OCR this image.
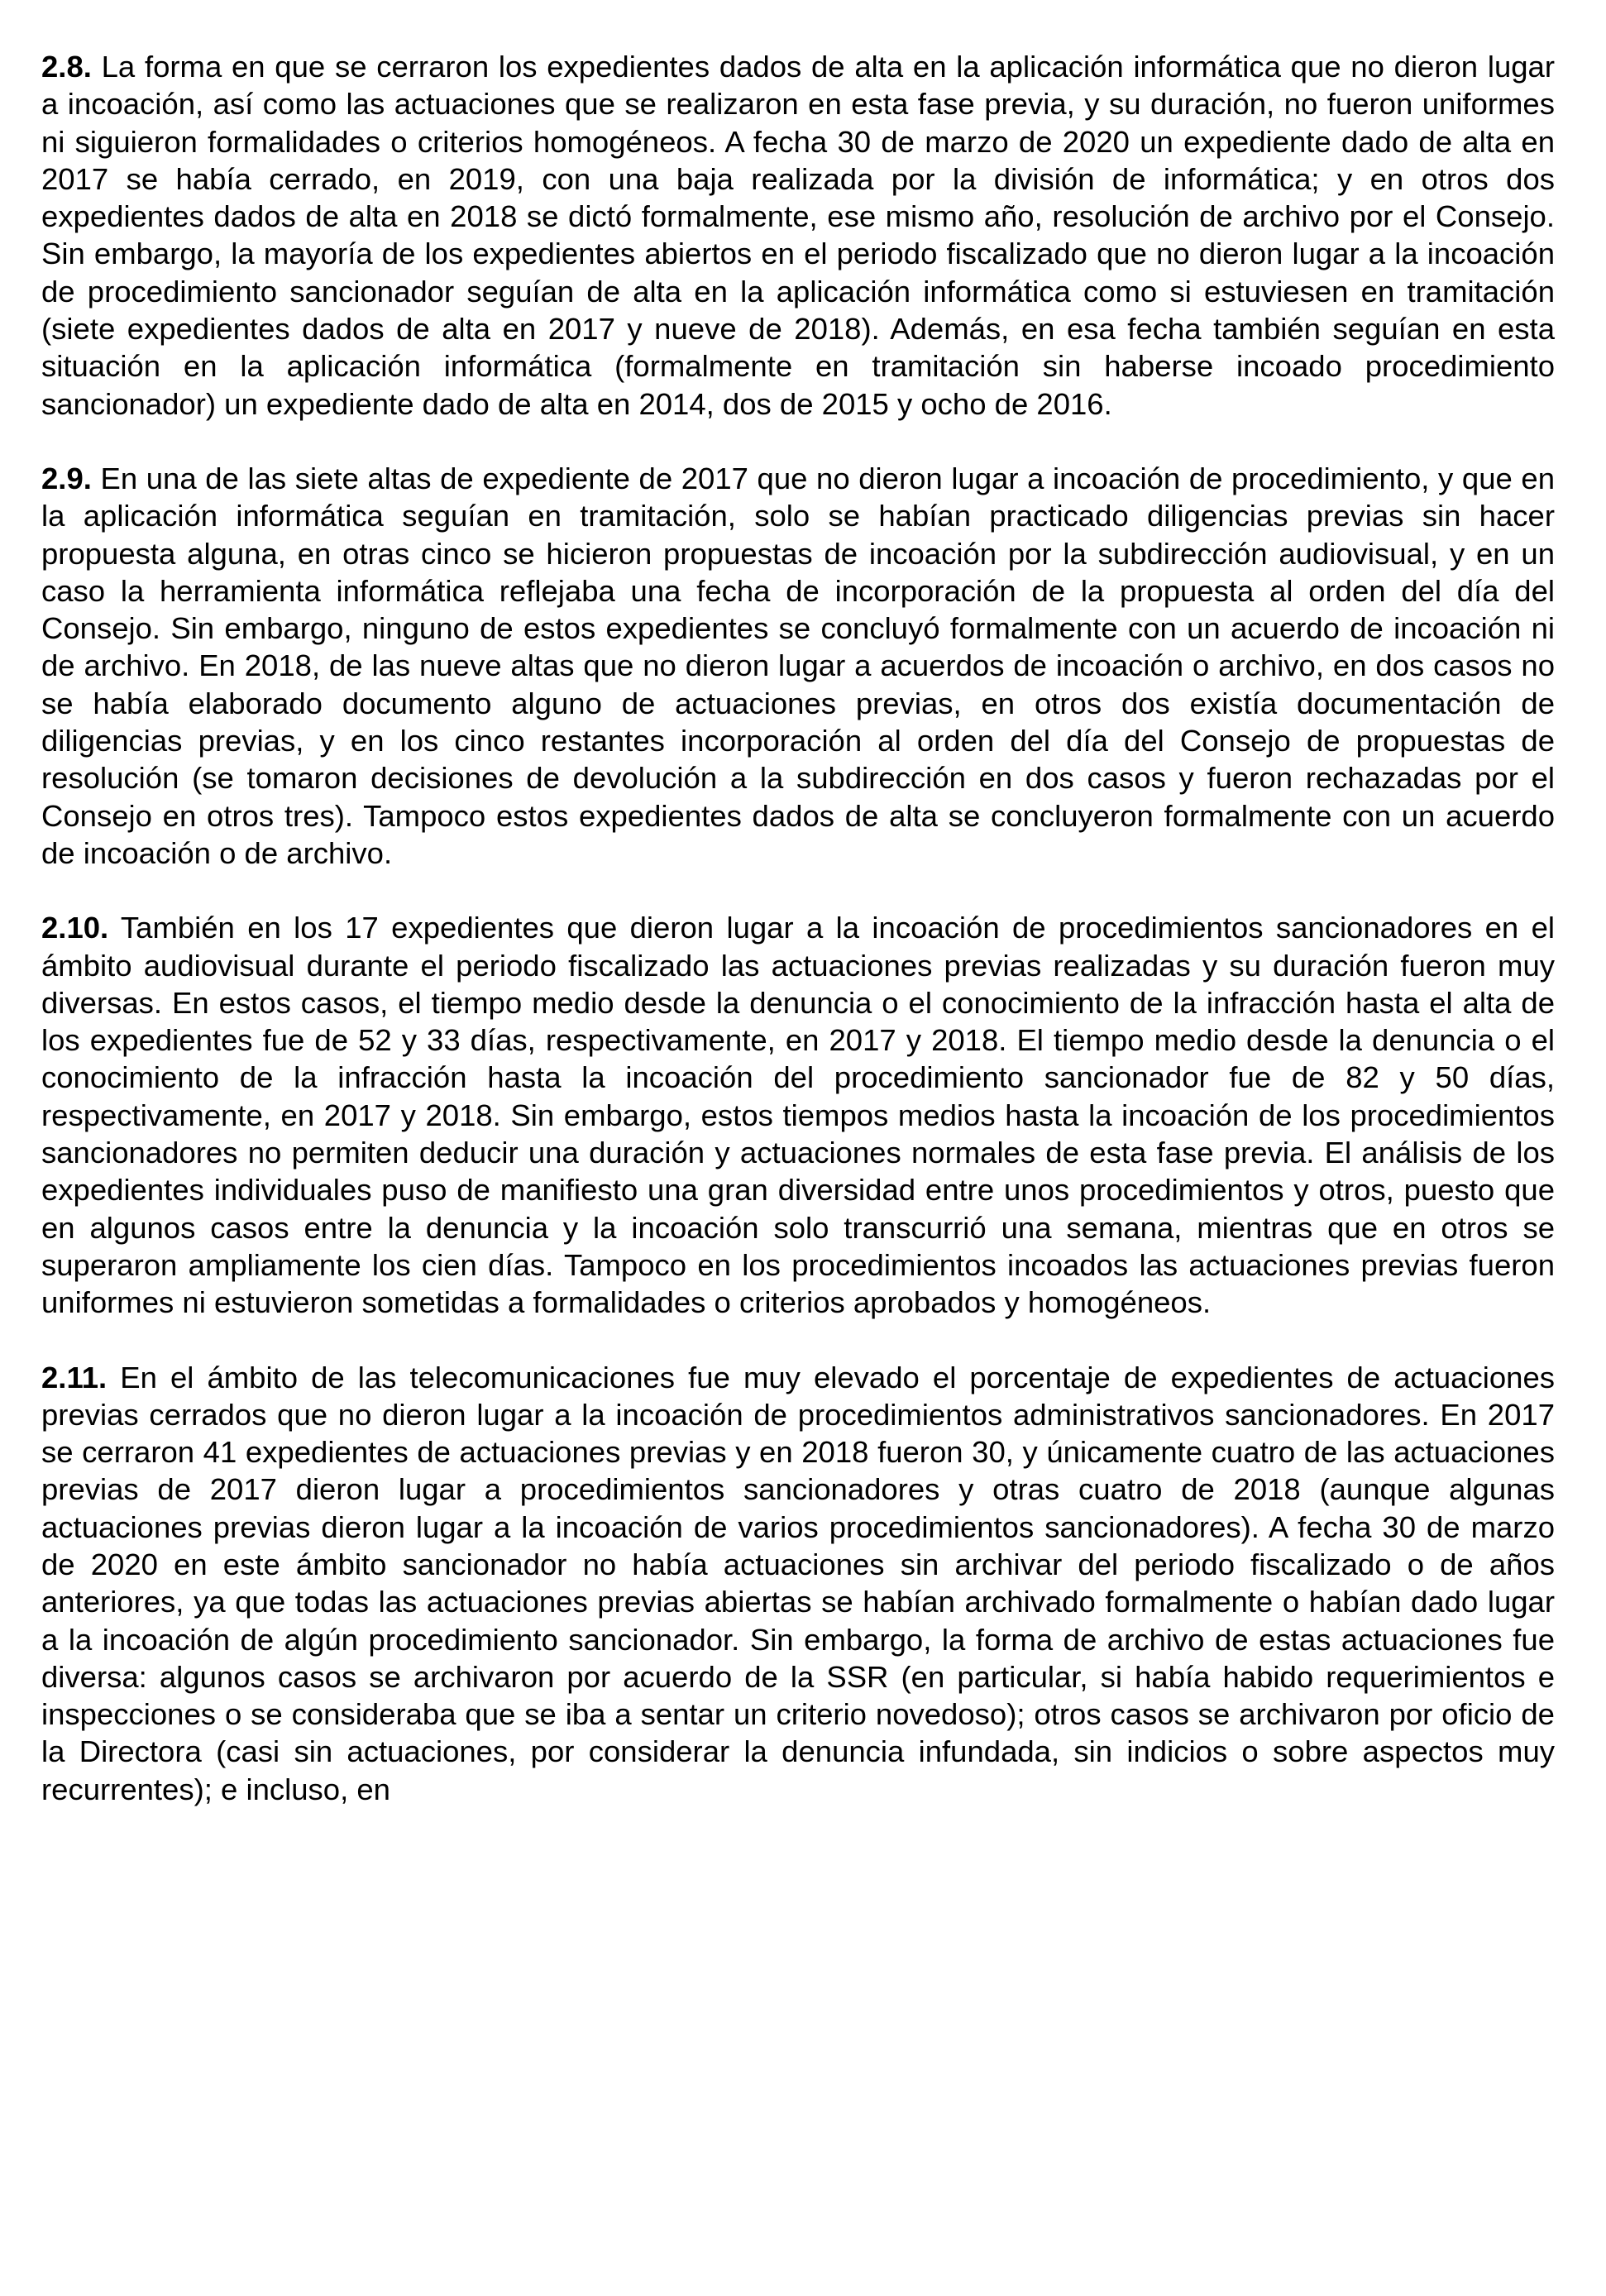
2.8. La forma en que se cerraron los expedientes dados de alta en la aplicación informática que no dieron lugar a incoación, así como las actuaciones que se realizaron en esta fase previa, y su duración, no fueron uniformes ni siguieron formalidades o criterios homogéneos. A fecha 30 de marzo de 2020 un expediente dado de alta en 2017 se había cerrado, en 2019, con una baja realizada por la división de informática; y en otros dos expedientes dados de alta en 2018 se dictó formalmente, ese mismo año, resolución de archivo por el Consejo. Sin embargo, la mayoría de los expedientes abiertos en el periodo fiscalizado que no dieron lugar a la incoación de procedimiento sancionador seguían de alta en la aplicación informática como si estuviesen en tramitación (siete expedientes dados de alta en 2017 y nueve de 2018). Además, en esa fecha también seguían en esta situación en la aplicación informática (formalmente en tramitación sin haberse incoado procedimiento sancionador) un expediente dado de alta en 2014, dos de 2015 y ocho de 2016.

2.9. En una de las siete altas de expediente de 2017 que no dieron lugar a incoación de procedimiento, y que en la aplicación informática seguían en tramitación, solo se habían practicado diligencias previas sin hacer propuesta alguna, en otras cinco se hicieron propuestas de incoación por la subdirección audiovisual, y en un caso la herramienta informática reflejaba una fecha de incorporación de la propuesta al orden del día del Consejo. Sin embargo, ninguno de estos expedientes se concluyó formalmente con un acuerdo de incoación ni de archivo. En 2018, de las nueve altas que no dieron lugar a acuerdos de incoación o archivo, en dos casos no se había elaborado documento alguno de actuaciones previas, en otros dos existía documentación de diligencias previas, y en los cinco restantes incorporación al orden del día del Consejo de propuestas de resolución (se tomaron decisiones de devolución a la subdirección en dos casos y fueron rechazadas por el Consejo en otros tres). Tampoco estos expedientes dados de alta se concluyeron formalmente con un acuerdo de incoación o de archivo.

2.10. También en los 17 expedientes que dieron lugar a la incoación de procedimientos sancionadores en el ámbito audiovisual durante el periodo fiscalizado las actuaciones previas realizadas y su duración fueron muy diversas. En estos casos, el tiempo medio desde la denuncia o el conocimiento de la infracción hasta el alta de los expedientes fue de 52 y 33 días, respectivamente, en 2017 y 2018. El tiempo medio desde la denuncia o el conocimiento de la infracción hasta la incoación del procedimiento sancionador fue de 82 y 50 días, respectivamente, en 2017 y 2018. Sin embargo, estos tiempos medios hasta la incoación de los procedimientos sancionadores no permiten deducir una duración y actuaciones normales de esta fase previa. El análisis de los expedientes individuales puso de manifiesto una gran diversidad entre unos procedimientos y otros, puesto que en algunos casos entre la denuncia y la incoación solo transcurrió una semana, mientras que en otros se superaron ampliamente los cien días. Tampoco en los procedimientos incoados las actuaciones previas fueron uniformes ni estuvieron sometidas a formalidades o criterios aprobados y homogéneos.

2.11. En el ámbito de las telecomunicaciones fue muy elevado el porcentaje de expedientes de actuaciones previas cerrados que no dieron lugar a la incoación de procedimientos administrativos sancionadores. En 2017 se cerraron 41 expedientes de actuaciones previas y en 2018 fueron 30, y únicamente cuatro de las actuaciones previas de 2017 dieron lugar a procedimientos sancionadores y otras cuatro de 2018 (aunque algunas actuaciones previas dieron lugar a la incoación de varios procedimientos sancionadores). A fecha 30 de marzo de 2020 en este ámbito sancionador no había actuaciones sin archivar del periodo fiscalizado o de años anteriores, ya que todas las actuaciones previas abiertas se habían archivado formalmente o habían dado lugar a la incoación de algún procedimiento sancionador. Sin embargo, la forma de archivo de estas actuaciones fue diversa: algunos casos se archivaron por acuerdo de la SSR (en particular, si había habido requerimientos e inspecciones o se consideraba que se iba a sentar un criterio novedoso); otros casos se archivaron por oficio de la Directora (casi sin actuaciones, por considerar la denuncia infundada, sin indicios o sobre aspectos muy recurrentes); e incluso, en
